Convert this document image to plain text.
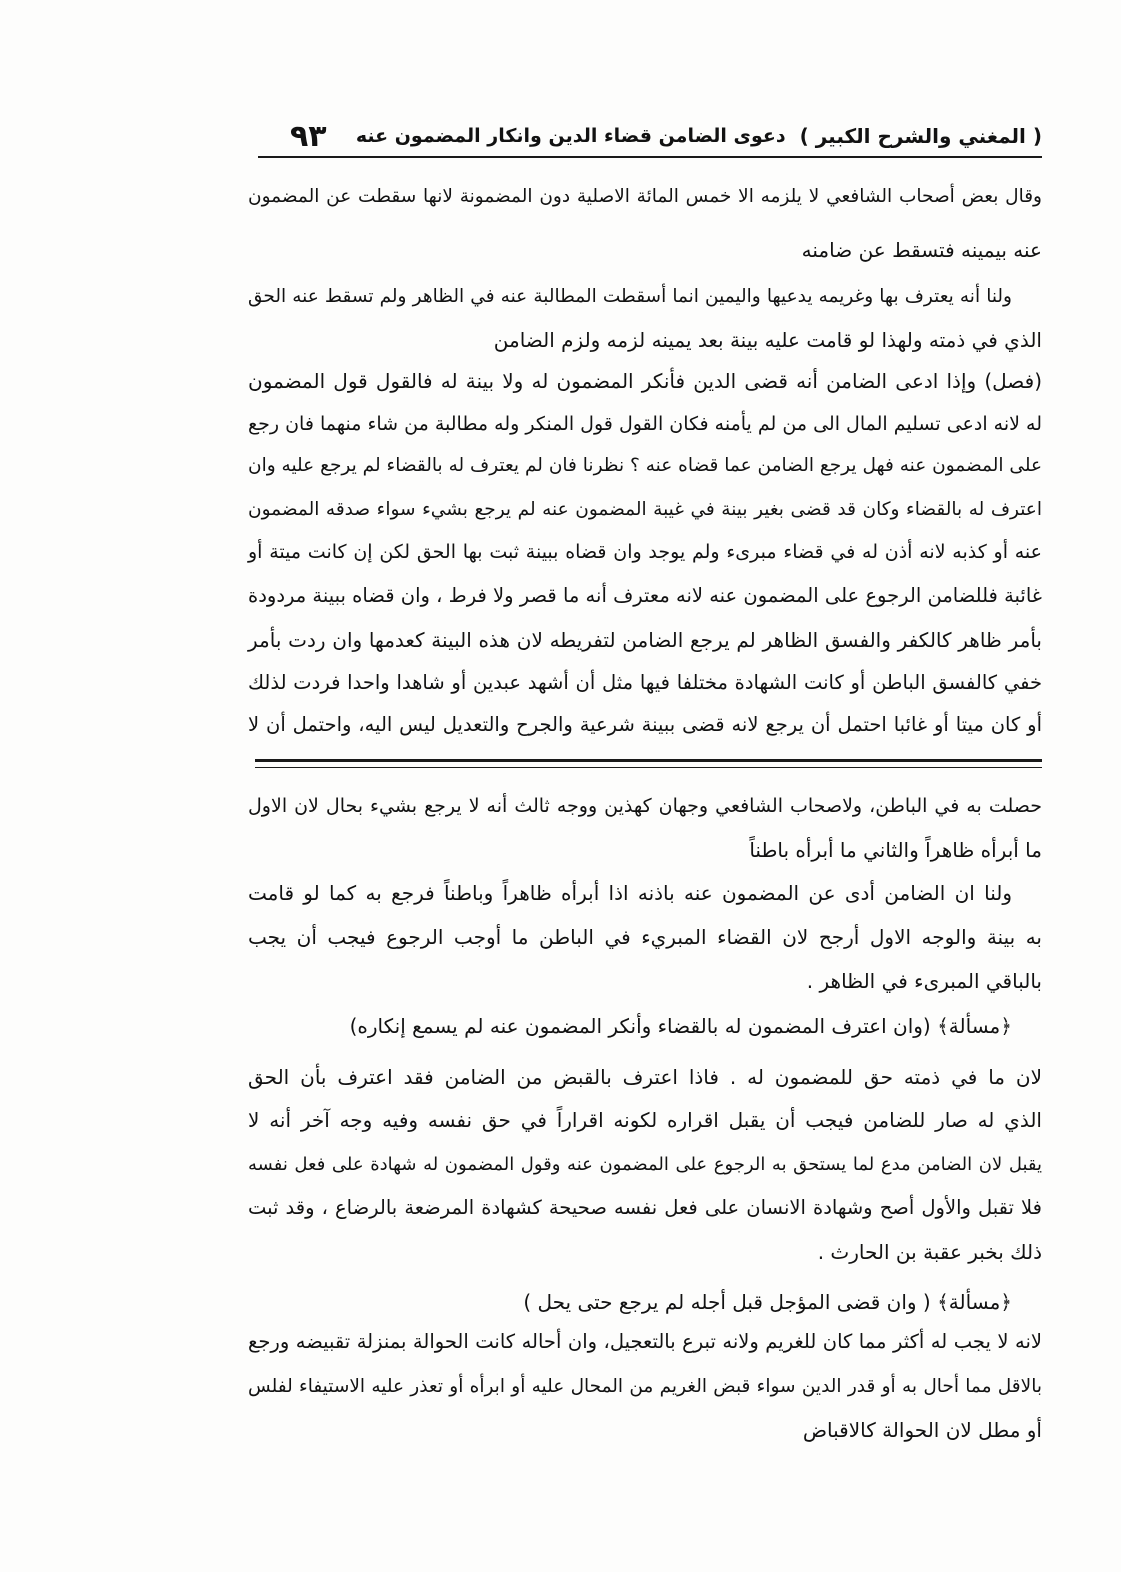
( المغني والشرح الكبير )
دعوى الضامن قضاء الدين وانكار المضمون عنه
٩٣
وقال بعض أصحاب الشافعي لا يلزمه الا خمس المائة الاصلية دون المضمونة لانها سقطت عن المضمون
عنه بيمينه فتسقط عن ضامنه
ولنا أنه يعترف بها وغريمه يدعيها واليمين انما أسقطت المطالبة عنه في الظاهر ولم تسقط عنه الحق
الذي في ذمته ولهذا لو قامت عليه بينة بعد يمينه لزمه ولزم الضامن
(فصل) وإذا ادعى الضامن أنه قضى الدين فأنكر المضمون له ولا بينة له فالقول قول المضمون
له لانه ادعى تسليم المال الى من لم يأمنه فكان القول قول المنكر وله مطالبة من شاء منهما فان رجع
على المضمون عنه فهل يرجع الضامن عما قضاه عنه ؟ نظرنا فان لم يعترف له بالقضاء لم يرجع عليه وان
اعترف له بالقضاء وكان قد قضى بغير بينة في غيبة المضمون عنه لم يرجع بشيء سواء صدقه المضمون
عنه أو كذبه لانه أذن له في قضاء مبرىء ولم يوجد وان قضاه ببينة ثبت بها الحق لكن إن كانت ميتة أو
غائبة فللضامن الرجوع على المضمون عنه لانه معترف أنه ما قصر ولا فرط ، وان قضاه ببينة مردودة
بأمر ظاهر كالكفر والفسق الظاهر لم يرجع الضامن لتفريطه لان هذه البينة كعدمها وان ردت بأمر
خفي كالفسق الباطن أو كانت الشهادة مختلفا فيها مثل أن أشهد عبدين أو شاهدا واحدا فردت لذلك
أو كان ميتا أو غائبا احتمل أن يرجع لانه قضى ببينة شرعية والجرح والتعديل ليس اليه، واحتمل أن لا
حصلت به في الباطن، ولاصحاب الشافعي وجهان كهذين ووجه ثالث أنه لا يرجع بشيء بحال لان الاول
ما أبرأه ظاهراً والثاني ما أبرأه باطناً
ولنا ان الضامن أدى عن المضمون عنه باذنه اذا أبرأه ظاهراً وباطناً فرجع به كما لو قامت
به بينة والوجه الاول أرجح لان القضاء المبريء في الباطن ما أوجب الرجوع فيجب أن يجب
بالباقي المبرىء في الظاهر .
﴿مسألة﴾ (وان اعترف المضمون له بالقضاء وأنكر المضمون عنه لم يسمع إنكاره)
لان ما في ذمته حق للمضمون له . فاذا اعترف بالقبض من الضامن فقد اعترف بأن الحق
الذي له صار للضامن فيجب أن يقبل اقراره لكونه اقراراً في حق نفسه وفيه وجه آخر أنه لا
يقبل لان الضامن مدع لما يستحق به الرجوع على المضمون عنه وقول المضمون له شهادة على فعل نفسه
فلا تقبل والأول أصح وشهادة الانسان على فعل نفسه صحيحة كشهادة المرضعة بالرضاع ، وقد ثبت
ذلك بخبر عقبة بن الحارث .
﴿مسألة﴾ ( وان قضى المؤجل قبل أجله لم يرجع حتى يحل )
لانه لا يجب له أكثر مما كان للغريم ولانه تبرع بالتعجيل، وان أحاله كانت الحوالة بمنزلة تقبيضه ورجع
بالاقل مما أحال به أو قدر الدين سواء قبض الغريم من المحال عليه أو ابرأه أو تعذر عليه الاستيفاء لفلس
أو مطل لان الحوالة كالاقباض
